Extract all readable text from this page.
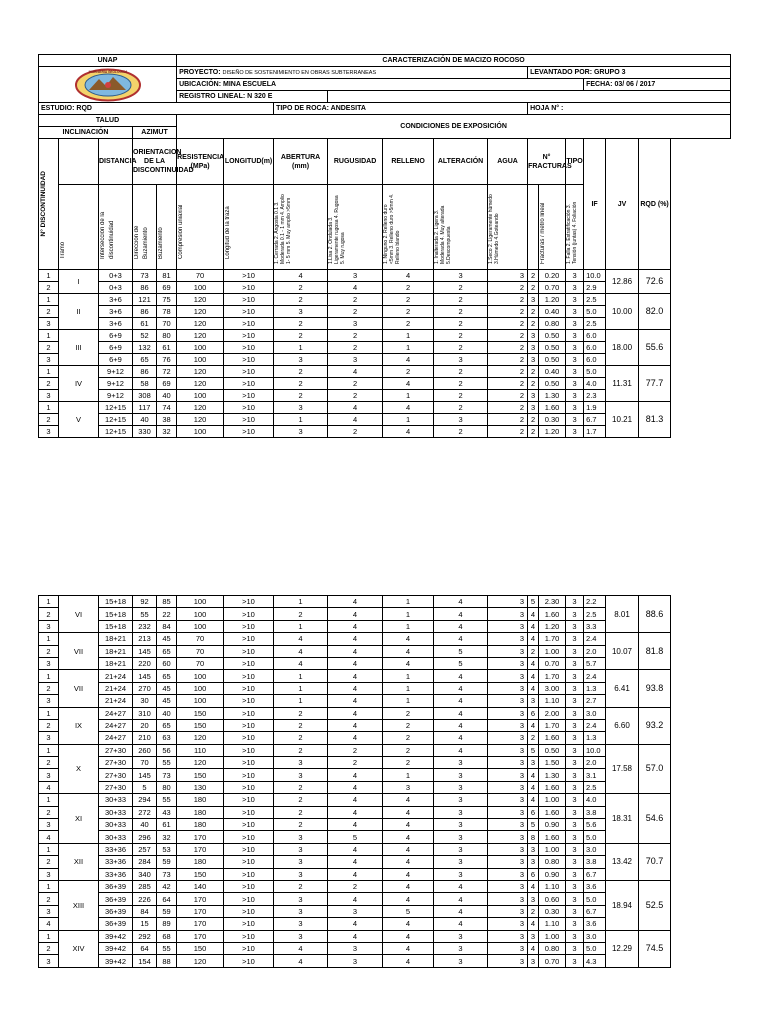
UNAP					CARACTERIZACIÓN DE MACIZO ROCOSO												

INGENIERÍA GEOLÓGICA					PROYECTO: DISEÑO DE SOSTENIMIENTO EN OBRAS SUBTERRANEAS							LEVANTADO POR: GRUPO 3					
					UBICACIÓN: MINA ESCUELA										FECHA: 03/ 06 / 2017		
					REGISTRO LINEAL: N 320 E												
ESTUDIO: RQD							TIPO DE ROCA: ANDESITA					HOJA N° :					
TALUD					CONDICIONES DE EXPOSICIÓN												
INCLINACIÓN			AZIMUT														

N° DISCONTINUIDAD		DISTANCIA	ORIENTACION DE LA DISCONTINUIDAD		RESISTENCIA (MPa)	LONGITUD(m)	ABERTURA (mm)	RUGUSIDAD	RELLENO	ALTERACIÓN	AGUA	N° FRACTURAS		TIPO	IF	JV	RQD (%)

	Tramo	Intersección de la discontinuidad	Dirección de Buzamiento	Buzamiento	Compresión uniaxial	Longitud de la traza	1. Cerrada 2. Angosta 0.1 3. Moderada 0.1 - 1 mm 4. Amplio 1- 5 mm 5. Muy amplio >5mm	1.Lisa 2. Ondulada 3. Ligeramente rugosa 4. Rugosa 5. Muy rugosa	1. Ninguno 2. Relleno duro <5mm 3. Relleno duro >5mm 4. Relleno blando	1. Inalterada 2. Ligera 3. Moderada 4. Muy alterada 5.Descompuesta	1.Seco 2. Ligeramente húmedo 3.Húmedo 4.Goteando		Fracturas / metro lineal	1. Falla 2. Estratificación 3. Tensión (juntas) 4. Foliación			

1	I	0+3	73	81	70	>10	4	3	4	3	3	2	0.20	3	10.0	12.86	72.6
2		0+3	86	69	100	>10	2	4	2	2	2	2	0.70	3	2.9		
1	II	3+6	121	75	120	>10	2	2	2	2	2	3	1.20	3	2.5	10.00	82.0
2		3+6	86	78	120	>10	3	2	2	2	2	2	0.40	3	5.0		
3		3+6	61	70	120	>10	2	3	2	2	2	2	0.80	3	2.5		
1	III	6+9	52	80	120	>10	2	2	1	2	2	3	0.50	3	6.0	18.00	55.6
2		6+9	132	61	100	>10	1	2	1	2	2	3	0.50	3	6.0		
3		6+9	65	76	100	>10	3	3	4	3	2	3	0.50	3	6.0		
1	IV	9+12	86	72	120	>10	2	4	2	2	2	2	0.40	3	5.0	11.31	77.7
2		9+12	58	69	120	>10	2	2	4	2	2	2	0.50	3	4.0		
3		9+12	308	40	100	>10	2	2	1	2	2	3	1.30	3	2.3		
1	V	12+15	117	74	120	>10	3	4	4	2	2	3	1.60	3	1.9	10.21	81.3
2		12+15	40	38	120	>10	1	4	1	3	2	2	0.30	3	6.7		
3		12+15	330	32	100	>10	3	2	4	2	2	2	1.20	3	1.7		
1	VI	15+18	92	85	100	>10	1	4	1	4	3	5	2.30	3	2.2	8.01	88.6
2		15+18	55	22	100	>10	2	4	1	4	3	4	1.60	3	2.5		
3		15+18	232	84	100	>10	1	4	1	4	3	4	1.20	3	3.3		
1	VII	18+21	213	45	70	>10	4	4	4	4	3	4	1.70	3	2.4	10.07	81.8
2		18+21	145	65	70	>10	4	4	4	5	3	2	1.00	3	2.0		
3		18+21	220	60	70	>10	4	4	4	5	3	4	0.70	3	5.7		
1	VII	21+24	145	65	100	>10	1	4	1	4	3	4	1.70	3	2.4	6.41	93.8
2		21+24	270	45	100	>10	1	4	1	4	3	4	3.00	3	1.3		
3		21+24	30	45	100	>10	1	4	1	4	3	3	1.10	3	2.7		
1	IX	24+27	310	40	150	>10	2	4	2	4	3	6	2.00	3	3.0	6.60	93.2
2		24+27	20	65	150	>10	2	4	2	4	3	4	1.70	3	2.4		
3		24+27	210	63	120	>10	2	4	2	4	3	2	1.60	3	1.3		
1	X	27+30	260	56	110	>10	2	2	2	4	3	5	0.50	3	10.0	17.58	57.0
2		27+30	70	55	120	>10	3	2	2	3	3	3	1.50	3	2.0		
3		27+30	145	73	150	>10	3	4	1	3	3	4	1.30	3	3.1		
4		27+30	5	80	130	>10	2	4	3	3	3	4	1.60	3	2.5		
1	XI	30+33	294	55	180	>10	2	4	4	3	3	4	1.00	3	4.0	18.31	54.6
2		30+33	272	43	180	>10	2	4	4	3	3	6	1.60	3	3.8		
3		30+33	40	61	180	>10	2	4	4	3	3	5	0.90	3	5.6		
4		30+33	296	32	170	>10	3	5	4	3	3	8	1.60	3	5.0		
1	XII	33+36	257	53	170	>10	3	4	4	3	3	3	1.00	3	3.0	13.42	70.7
2		33+36	284	59	180	>10	3	4	4	3	3	3	0.80	3	3.8		
3		33+36	340	73	150	>10	3	4	4	3	3	6	0.90	3	6.7		
1	XIII	36+39	285	42	140	>10	2	2	4	4	3	4	1.10	3	3.6	18.94	52.5
2		36+39	226	64	170	>10	3	4	4	4	3	3	0.60	3	5.0		
3		36+39	84	59	170	>10	3	3	5	4	3	2	0.30	3	6.7		
4		36+39	15	89	170	>10	3	4	4	4	3	4	1.10	3	3.6		
1	XIV	39+42	292	68	170	>10	3	4	4	3	3	3	1.00	3	3.0	12.29	74.5
2		39+42	64	55	150	>10	4	3	4	3	3	4	0.80	3	5.0		
3		39+42	154	88	120	>10	4	3	4	3	3	3	0.70	3	4.3		
